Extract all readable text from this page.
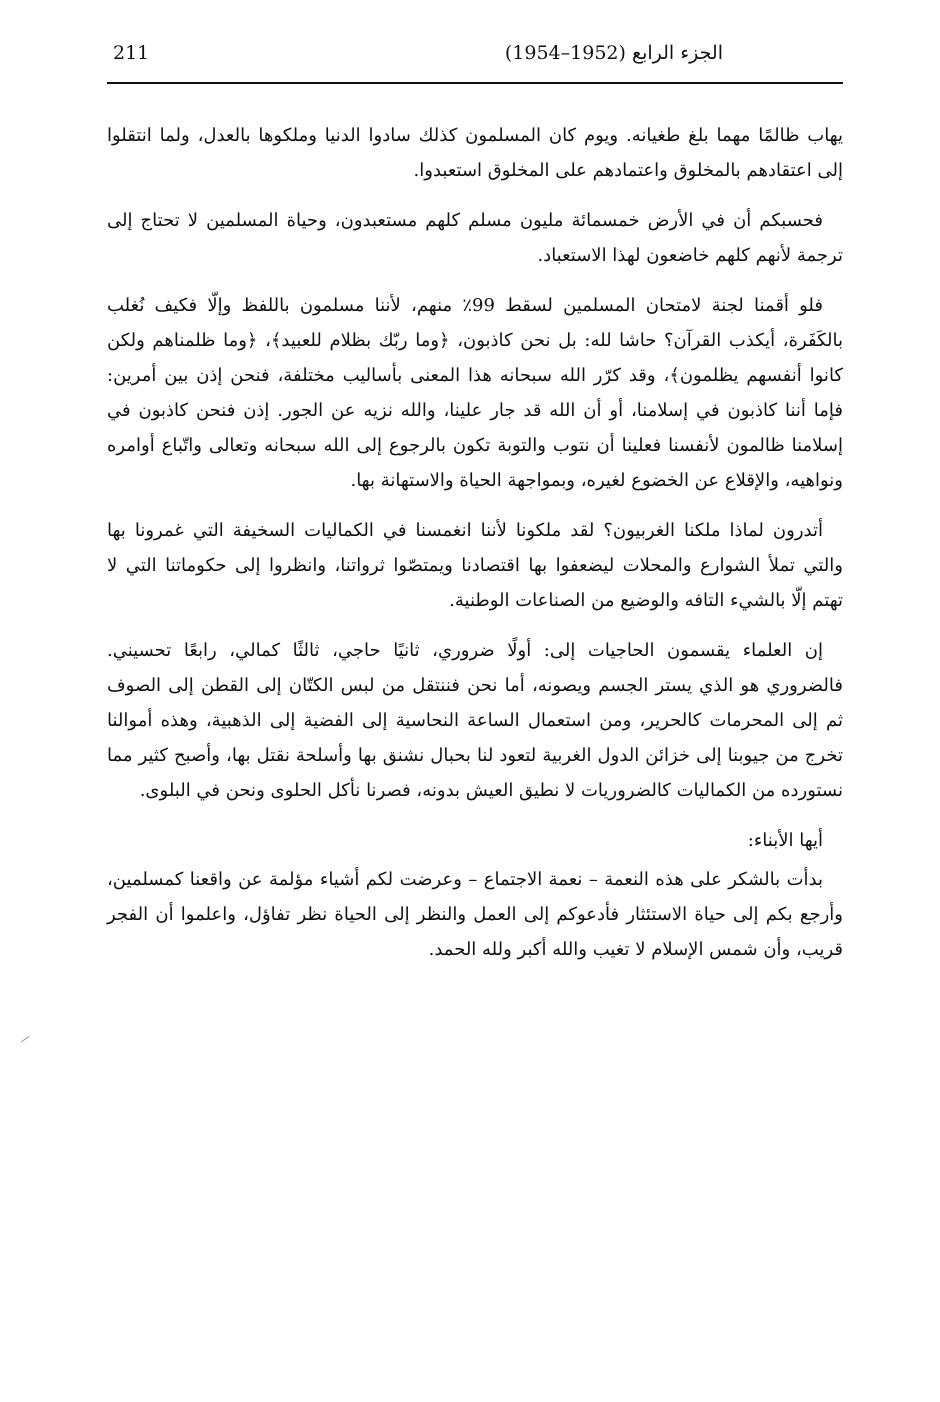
الجزء الرابع (1952–1954)
211

يهاب ظالمًا مهما بلغ طغيانه. ويوم كان المسلمون كذلك سادوا الدنيا وملكوها بالعدل، ولما انتقلوا إلى اعتقادهم بالمخلوق واعتمادهم على المخلوق استعبدوا.

فحسبكم أن في الأرض خمسمائة مليون مسلم كلهم مستعبدون، وحياة المسلمين لا تحتاج إلى ترجمة لأنهم كلهم خاضعون لهذا الاستعباد.

فلو أقمنا لجنة لامتحان المسلمين لسقط 99٪ منهم، لأننا مسلمون باللفظ وإلّا فكيف نُغلب بالكَفَرة، أيكذب القرآن؟ حاشا لله: بل نحن كاذبون، ﴿وما ربّك بظلام للعبيد﴾، ﴿وما ظلمناهم ولكن كانوا أنفسهم يظلمون﴾، وقد كرّر الله سبحانه هذا المعنى بأساليب مختلفة، فنحن إذن بين أمرين: فإما أننا كاذبون في إسلامنا، أو أن الله قد جار علينا، والله نزيه عن الجور. إذن فنحن كاذبون في إسلامنا ظالمون لأنفسنا فعلينا أن نتوب والتوبة تكون بالرجوع إلى الله سبحانه وتعالى واتّباع أوامره ونواهيه، والإقلاع عن الخضوع لغيره، وبمواجهة الحياة والاستهانة بها.

أتدرون لماذا ملكنا الغربيون؟ لقد ملكونا لأننا انغمسنا في الكماليات السخيفة التي غمرونا بها والتي تملأ الشوارع والمحلات ليضعفوا بها اقتصادنا ويمتصّوا ثرواتنا، وانظروا إلى حكوماتنا التي لا تهتم إلّا بالشيء التافه والوضيع من الصناعات الوطنية.

إن العلماء يقسمون الحاجيات إلى: أولًا ضروري، ثانيًا حاجي، ثالثًا كمالي، رابعًا تحسيني. فالضروري هو الذي يستر الجسم ويصونه، أما نحن فننتقل من لبس الكتّان إلى القطن إلى الصوف ثم إلى المحرمات كالحرير، ومن استعمال الساعة النحاسية إلى الفضية إلى الذهبية، وهذه أموالنا تخرج من جيوبنا إلى خزائن الدول الغربية لتعود لنا بحبال نشنق بها وأسلحة نقتل بها، وأصبح كثير مما نستورده من الكماليات كالضروريات لا نطيق العيش بدونه، فصرنا نأكل الحلوى ونحن في البلوى.

أيها الأبناء:

بدأت بالشكر على هذه النعمة – نعمة الاجتماع – وعرضت لكم أشياء مؤلمة عن واقعنا كمسلمين، وأرجع بكم إلى حياة الاستئثار فأدعوكم إلى العمل والنظر إلى الحياة نظر تفاؤل، واعلموا أن الفجر قريب، وأن شمس الإسلام لا تغيب والله أكبر ولله الحمد.
